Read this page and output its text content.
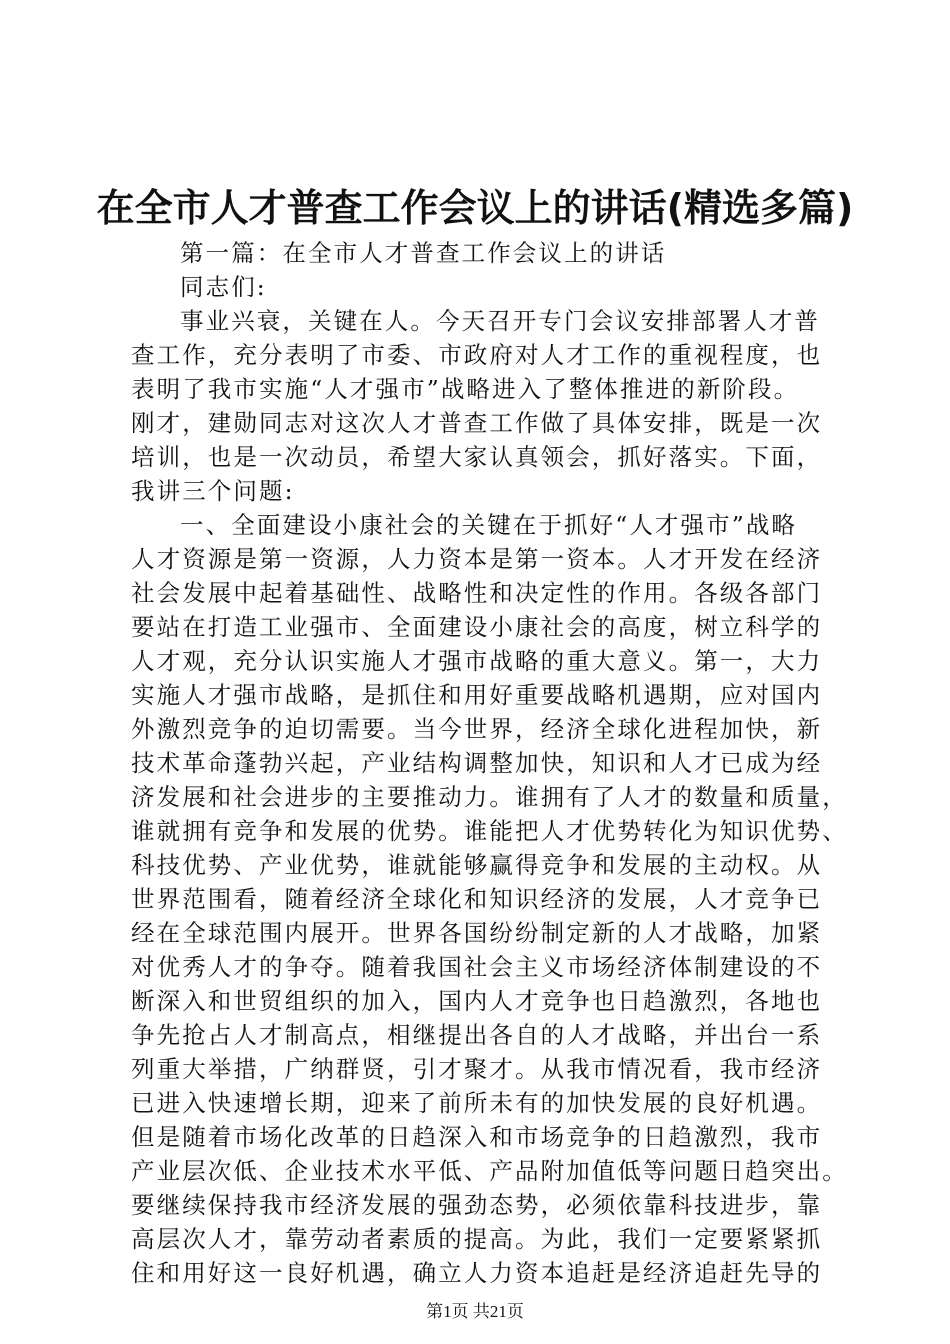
在全市人才普查工作会议上的讲话(精选多篇)
第一篇：在全市人才普查工作会议上的讲话
同志们:
事业兴衰，关键在人。今天召开专门会议安排部署人才普
查工作，充分表明了市委、市政府对人才工作的重视程度，也
表明了我市实施“人才强市”战略进入了整体推进的新阶段。
刚才，建勋同志对这次人才普查工作做了具体安排，既是一次
培训，也是一次动员，希望大家认真领会，抓好落实。下面，
我讲三个问题:
一、全面建设小康社会的关键在于抓好“人才强市”战略
人才资源是第一资源，人力资本是第一资本。人才开发在经济
社会发展中起着基础性、战略性和决定性的作用。各级各部门
要站在打造工业强市、全面建设小康社会的高度，树立科学的
人才观，充分认识实施人才强市战略的重大意义。第一，大力
实施人才强市战略，是抓住和用好重要战略机遇期，应对国内
外激烈竞争的迫切需要。当今世界，经济全球化进程加快，新
技术革命蓬勃兴起，产业结构调整加快，知识和人才已成为经
济发展和社会进步的主要推动力。谁拥有了人才的数量和质量，
谁就拥有竞争和发展的优势。谁能把人才优势转化为知识优势、
科技优势、产业优势，谁就能够赢得竞争和发展的主动权。从
世界范围看，随着经济全球化和知识经济的发展，人才竞争已
经在全球范围内展开。世界各国纷纷制定新的人才战略，加紧
对优秀人才的争夺。随着我国社会主义市场经济体制建设的不
断深入和世贸组织的加入，国内人才竞争也日趋激烈，各地也
争先抢占人才制高点，相继提出各自的人才战略，并出台一系
列重大举措，广纳群贤，引才聚才。从我市情况看，我市经济
已进入快速增长期，迎来了前所未有的加快发展的良好机遇。
但是随着市场化改革的日趋深入和市场竞争的日趋激烈，我市
产业层次低、企业技术水平低、产品附加值低等问题日趋突出。
要继续保持我市经济发展的强劲态势，必须依靠科技进步，靠
高层次人才，靠劳动者素质的提高。为此，我们一定要紧紧抓
住和用好这一良好机遇，确立人力资本追赶是经济追赶先导的
第1页 共21页
